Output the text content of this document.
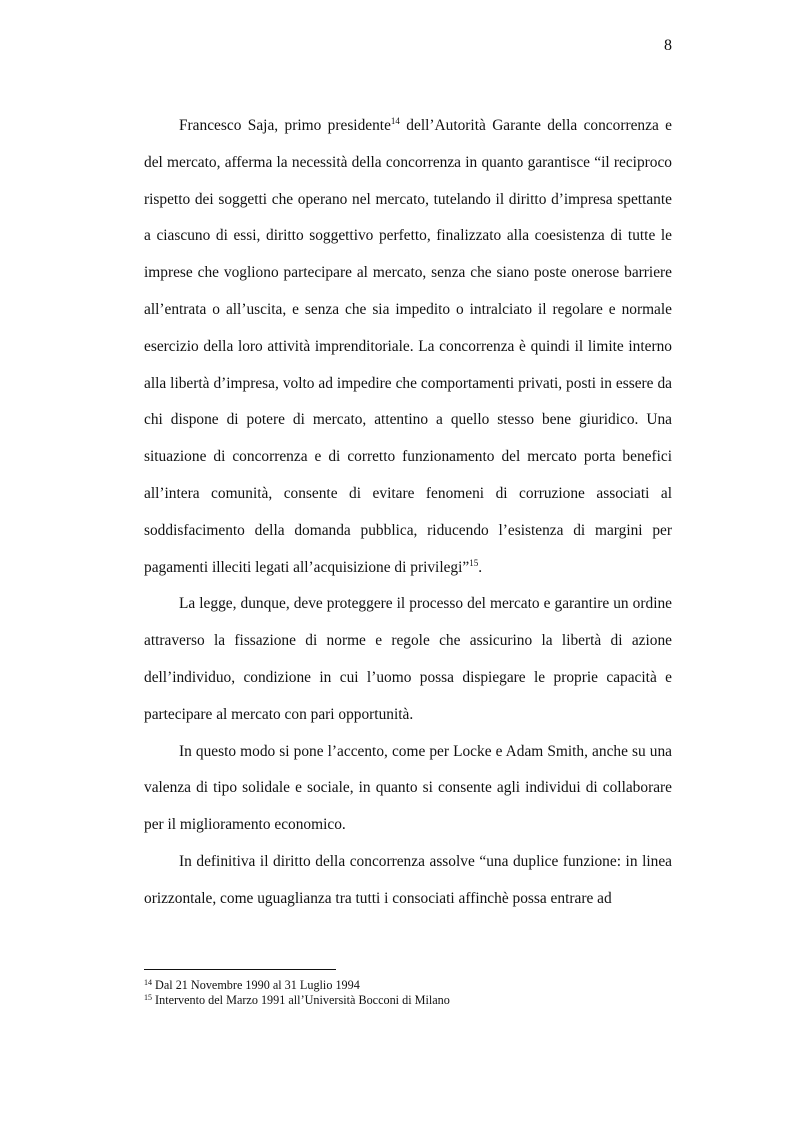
8

Francesco Saja, primo presidente$^{14}$ dell’Autorità Garante della concorrenza e del mercato, afferma la necessità della concorrenza in quanto garantisce “il reciproco rispetto dei soggetti che operano nel mercato, tutelando il diritto d’impresa spettante a ciascuno di essi, diritto soggettivo perfetto, finalizzato alla coesistenza di tutte le imprese che vogliono partecipare al mercato, senza che siano poste onerose barriere all’entrata o all’uscita, e senza che sia impedito o intralciato il regolare e normale esercizio della loro attività imprenditoriale. La concorrenza è quindi il limite interno alla libertà d’impresa, volto ad impedire che comportamenti privati, posti in essere da chi dispone di potere di mercato, attentino a quello stesso bene giuridico. Una situazione di concorrenza e di corretto funzionamento del mercato porta benefici all’intera comunità, consente di evitare fenomeni di corruzione associati al soddisfacimento della domanda pubblica, riducendo l’esistenza di margini per pagamenti illeciti legati all’acquisizione di privilegi”$^{15}$.

La legge, dunque, deve proteggere il processo del mercato e garantire un ordine attraverso la fissazione di norme e regole che assicurino la libertà di azione dell’individuo, condizione in cui l’uomo possa dispiegare le proprie capacità e partecipare al mercato con pari opportunità.

In questo modo si pone l’accento, come per Locke e Adam Smith, anche su una valenza di tipo solidale e sociale, in quanto si consente agli individui di collaborare per il miglioramento economico.

In definitiva il diritto della concorrenza assolve “una duplice funzione: in linea orizzontale, come uguaglianza tra tutti i consociati affinchè possa entrare ad

$^{14}$ Dal 21 Novembre 1990 al 31 Luglio 1994

$^{15}$ Intervento del Marzo 1991 all’Università Bocconi di Milano
